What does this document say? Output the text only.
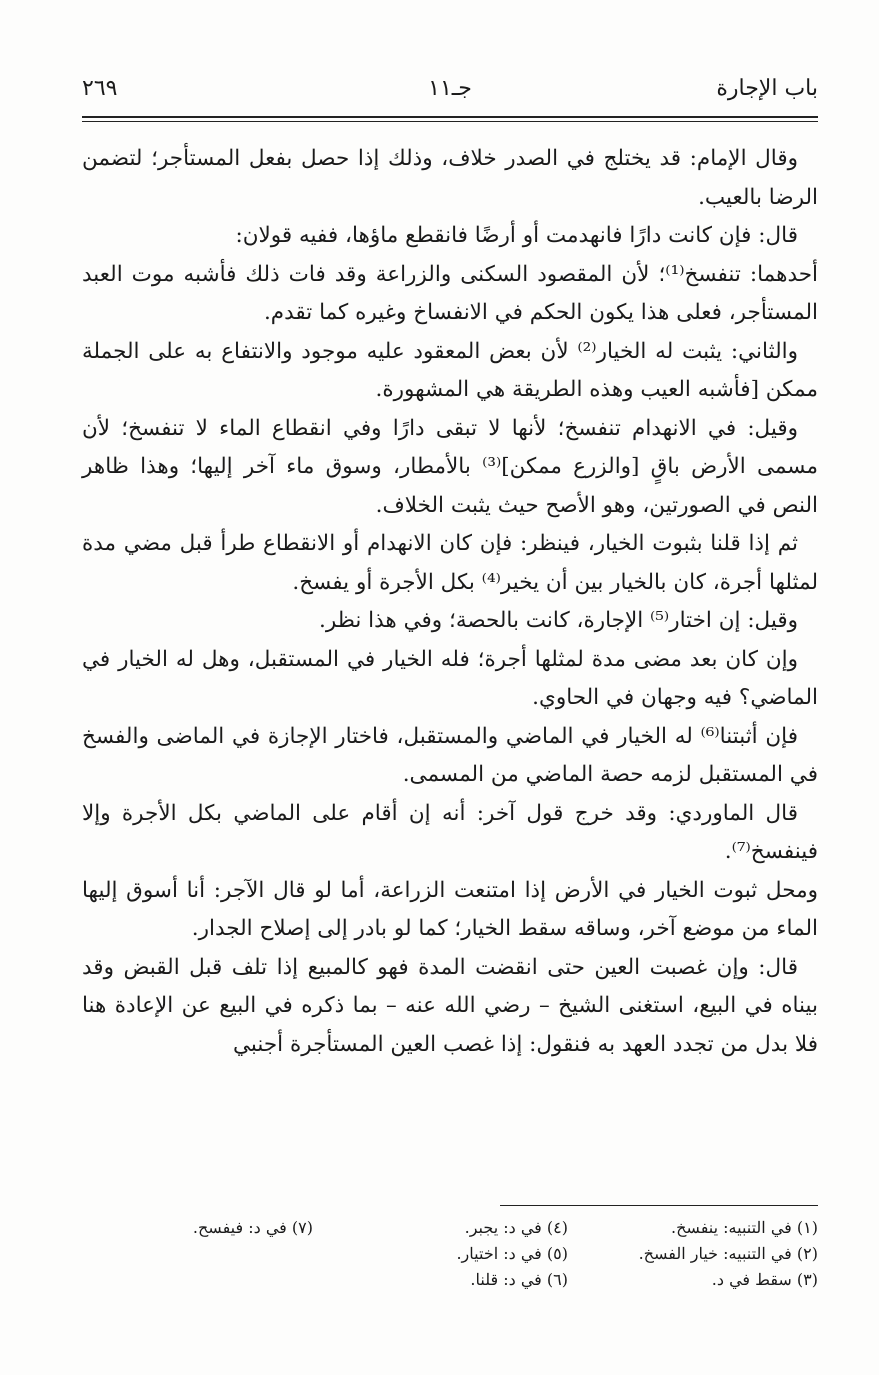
باب الإجارة
جـ١١
٢٦٩

وقال الإمام: قد يختلج في الصدر خلاف، وذلك إذا حصل بفعل المستأجر؛ لتضمن الرضا بالعيب.

قال: فإن كانت دارًا فانهدمت أو أرضًا فانقطع ماؤها، ففيه قولان:

أحدهما: تنفسخ⁽¹⁾؛ لأن المقصود السكنى والزراعة وقد فات ذلك فأشبه موت العبد المستأجر، فعلى هذا يكون الحكم في الانفساخ وغيره كما تقدم.

والثاني: يثبت له الخيار⁽²⁾ لأن بعض المعقود عليه موجود والانتفاع به على الجملة ممكن [فأشبه العيب وهذه الطريقة هي المشهورة.

وقيل: في الانهدام تنفسخ؛ لأنها لا تبقى دارًا وفي انقطاع الماء لا تنفسخ؛ لأن مسمى الأرض باقٍ [والزرع ممكن]⁽³⁾ بالأمطار، وسوق ماء آخر إليها؛ وهذا ظاهر النص في الصورتين، وهو الأصح حيث يثبت الخلاف.

ثم إذا قلنا بثبوت الخيار، فينظر: فإن كان الانهدام أو الانقطاع طرأ قبل مضي مدة لمثلها أجرة، كان بالخيار بين أن يخير⁽⁴⁾ بكل الأجرة أو يفسخ.

وقيل: إن اختار⁽⁵⁾ الإجارة، كانت بالحصة؛ وفي هذا نظر.

وإن كان بعد مضى مدة لمثلها أجرة؛ فله الخيار في المستقبل، وهل له الخيار في الماضي؟ فيه وجهان في الحاوي.

فإن أثبتنا⁽⁶⁾ له الخيار في الماضي والمستقبل، فاختار الإجازة في الماضى والفسخ في المستقبل لزمه حصة الماضي من المسمى.

قال الماوردي: وقد خرج قول آخر: أنه إن أقام على الماضي بكل الأجرة وإلا فينفسخ⁽⁷⁾.

ومحل ثبوت الخيار في الأرض إذا امتنعت الزراعة، أما لو قال الآجر: أنا أسوق إليها الماء من موضع آخر، وساقه سقط الخيار؛ كما لو بادر إلى إصلاح الجدار.

قال: وإن غصبت العين حتى انقضت المدة فهو كالمبيع إذا تلف قبل القبض وقد بيناه في البيع، استغنى الشيخ – رضي الله عنه – بما ذكره في البيع عن الإعادة هنا فلا بدل من تجدد العهد به فنقول: إذا غصب العين المستأجرة أجنبي

(١) في التنبيه: ينفسخ.
(٢) في التنبيه: خيار الفسخ.
(٣) سقط في د.
(٤) في د: يجبر.
(٥) في د: اختيار.
(٦) في د: قلنا.
(٧) في د: فيفسح.
